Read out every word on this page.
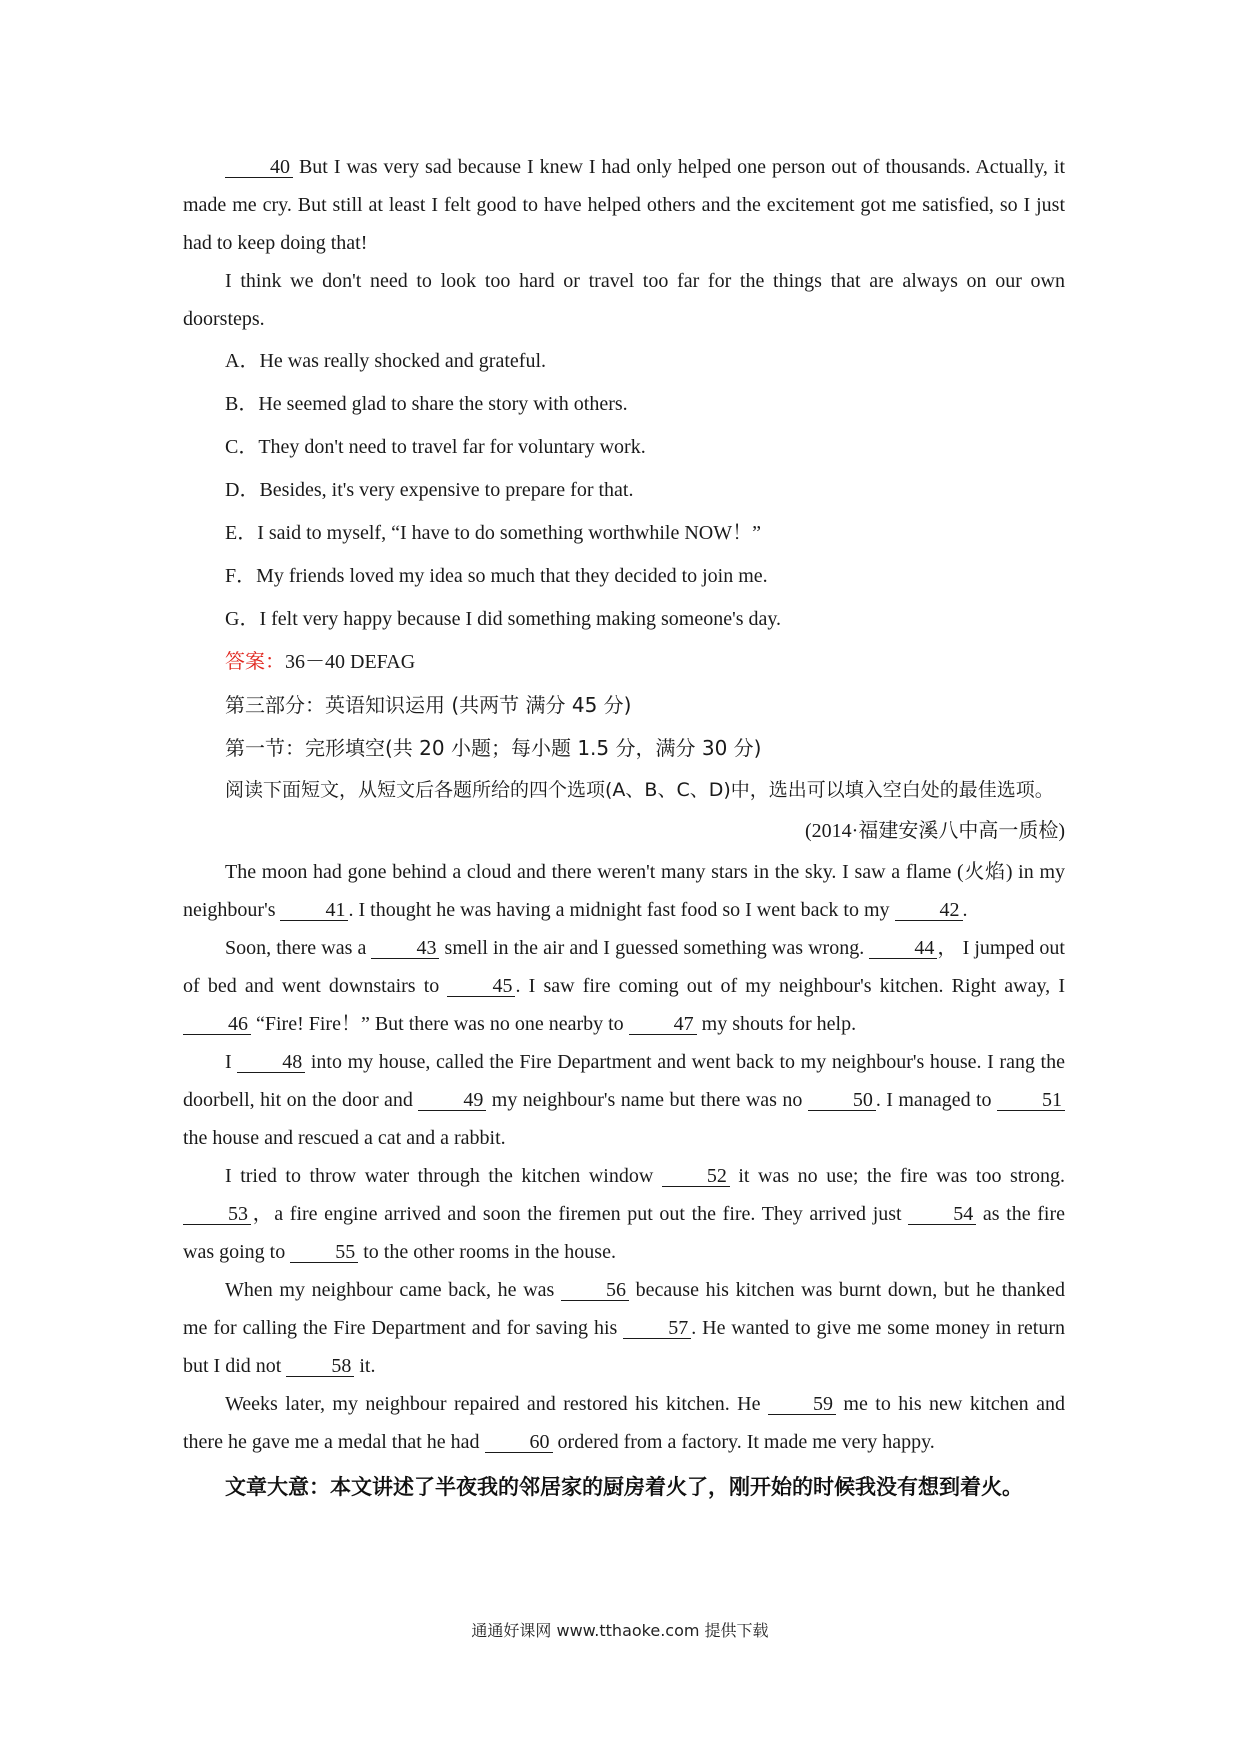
40 But I was very sad because I knew I had only helped one person out of thousands. Actually, it made me cry. But still at least I felt good to have helped others and the excitement got me satisfied, so I just had to keep doing that!

I think we don't need to look too hard or travel too far for the things that are always on our own doorsteps.

A．He was really shocked and grateful.

B．He seemed glad to share the story with others.

C．They don't need to travel far for voluntary work.

D．Besides, it's very expensive to prepare for that.

E．I said to myself, “I have to do something worthwhile NOW！”

F．My friends loved my idea so much that they decided to join me.

G．I felt very happy because I did something making someone's day.

答案：36－40 DEFAG

第三部分：英语知识运用 (共两节 满分 45 分)

第一节：完形填空(共 20 小题；每小题 1.5 分，满分 30 分)

阅读下面短文，从短文后各题所给的四个选项(A、B、C、D)中，选出可以填入空白处的最佳选项。

(2014·福建安溪八中高一质检)

The moon had gone behind a cloud and there weren't many stars in the sky. I saw a flame (火焰) in my neighbour's 41 . I thought he was having a midnight fast food so I went back to my 42 .

Soon, there was a 43 smell in the air and I guessed something was wrong. 44 ， I jumped out of bed and went downstairs to 45 . I saw fire coming out of my neighbour's kitchen. Right away, I 46 “Fire! Fire！” But there was no one nearby to 47 my shouts for help.

I 48 into my house, called the Fire Department and went back to my neighbour's house. I rang the doorbell, hit on the door and 49 my neighbour's name but there was no 50 . I managed to 51 the house and rescued a cat and a rabbit.

I tried to throw water through the kitchen window 52 it was no use; the fire was too strong.53 ，a fire engine arrived and soon the firemen put out the fire. They arrived just 54 as the fire was going to 55 to the other rooms in the house.

When my neighbour came back, he was 56 because his kitchen was burnt down, but he thanked me for calling the Fire Department and for saving his 57 . He wanted to give me some money in return but I did not 58 it.

Weeks later, my neighbour repaired and restored his kitchen. He 59 me to his new kitchen and there he gave me a medal that he had 60 ordered from a factory. It made me very happy.

文章大意：本文讲述了半夜我的邻居家的厨房着火了，刚开始的时候我没有想到着火。

通通好课网 www.tthaoke.com 提供下载
